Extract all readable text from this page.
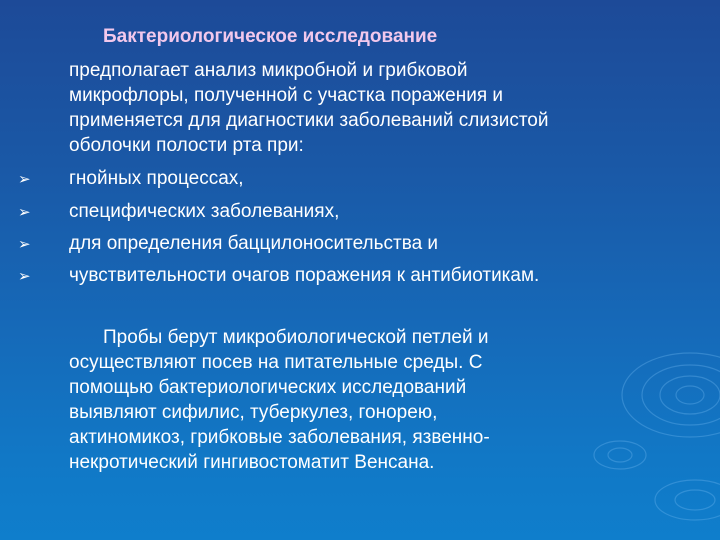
Бактериологическое исследование
предполагает анализ микробной и грибковой
микрофлоры, полученной с участка поражения и
применяется для диагностики заболеваний слизистой
оболочки полости рта при:
➢ гнойных процессах,
➢ специфических заболеваниях,
➢ для определения баццилоносительства и
➢ чувствительности очагов поражения к антибиотикам.
Пробы берут микробиологической петлей и
осуществляют посев на питательные среды. С
помощью бактериологических исследований
выявляют сифилис, туберкулез, гонорею,
актиномикоз, грибковые заболевания, язвенно-
некротический гингивостоматит Венсана.
